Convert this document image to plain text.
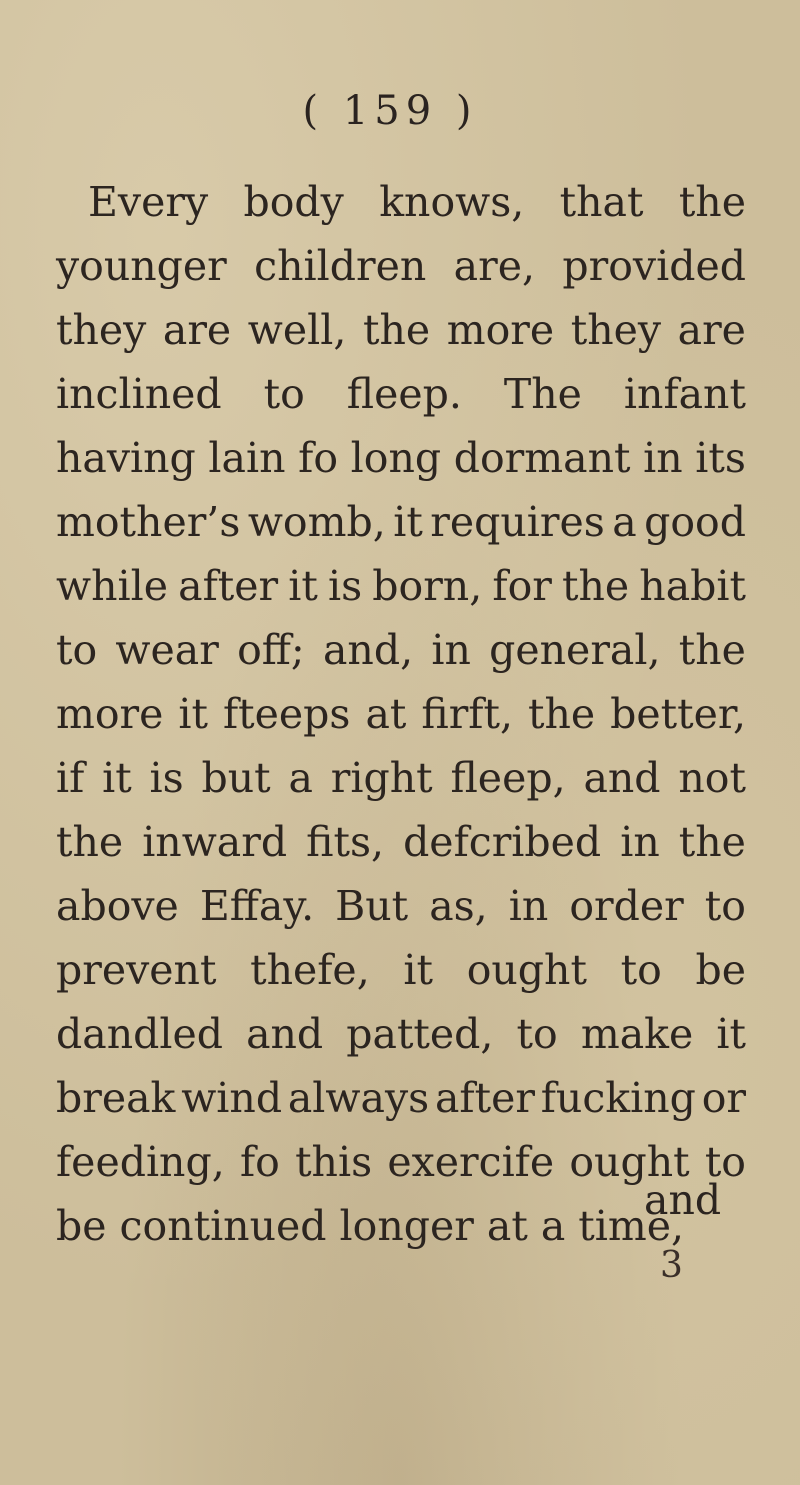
( 159 )
Every body knows, that the
younger children are, provided
they are well, the more they are
inclined to fleep. The infant
having lain fo long dormant in its
mother’s womb, it requires a good
while after it is born, for the habit
to wear off; and, in general, the
more it fteeps at firft, the better,
if it is but a right fleep, and not
the inward fits, defcribed in the
above Effay. But as, in order to
prevent thefe, it ought to be
dandled and patted, to make it
break wind always after fucking or
feeding, fo this exercife ought to
be continued longer at a time,
and
3
